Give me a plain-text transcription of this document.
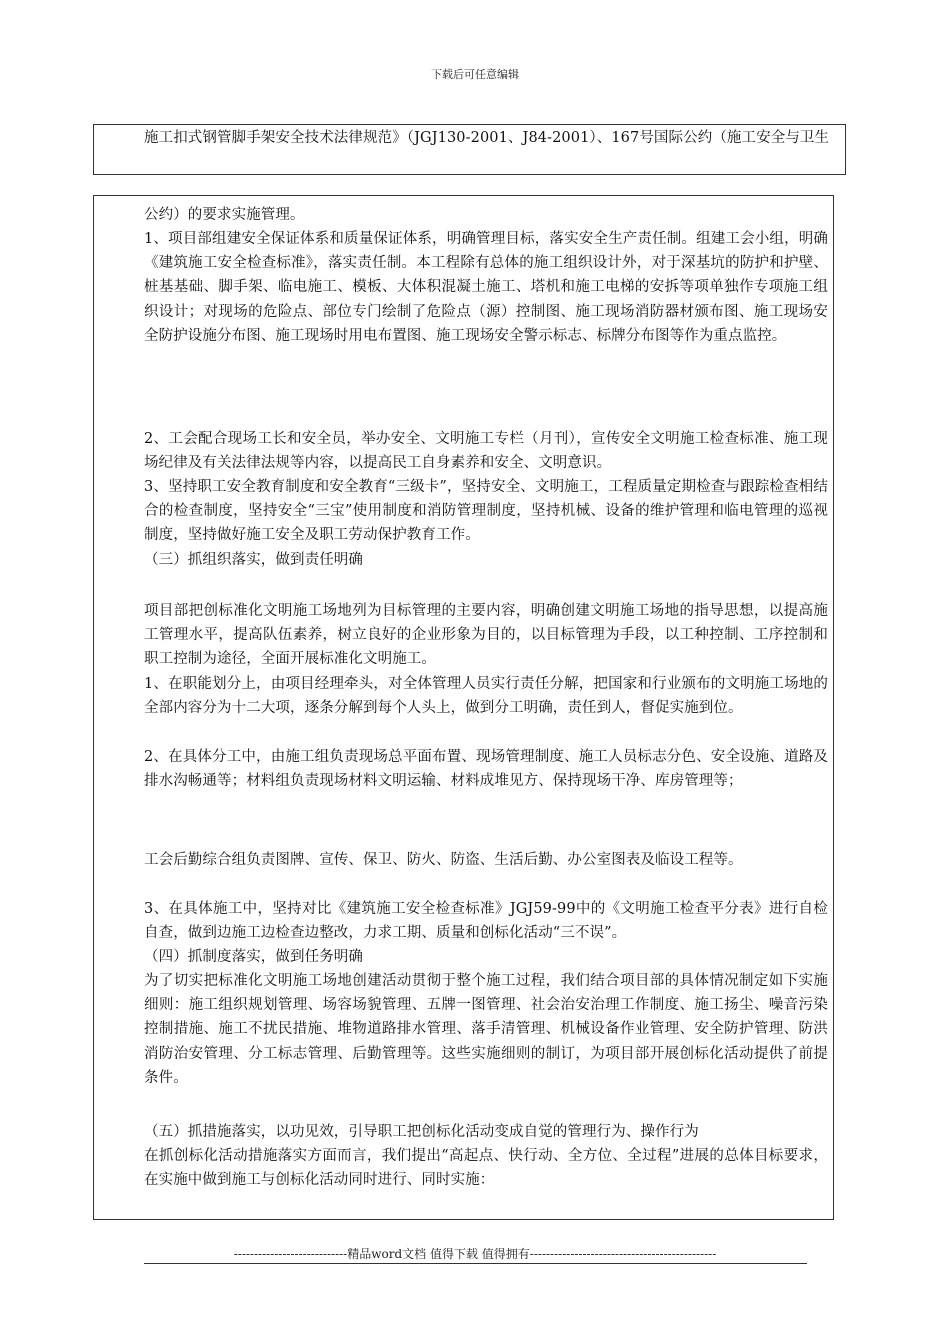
下载后可任意编辑
施工扣式钢管脚手架安全技术法律规范》（JGJ130-2001、J84-2001）、167号国际公约（施工安全与卫生
公约）的要求实施管理。
1、项目部组建安全保证体系和质量保证体系，明确管理目标，落实安全生产责任制。组建工会小组，明确《建筑施工安全检查标准》，落实责任制。本工程除有总体的施工组织设计外，对于深基坑的防护和护壁、桩基基础、脚手架、临电施工、模板、大体积混凝土施工、塔机和施工电梯的安拆等项单独作专项施工组织设计；对现场的危险点、部位专门绘制了危险点（源）控制图、施工现场消防器材颁布图、施工现场安全防护设施分布图、施工现场时用电布置图、施工现场安全警示标志、标牌分布图等作为重点监控。
2、工会配合现场工长和安全员，举办安全、文明施工专栏（月刊），宣传安全文明施工检查标准、施工现场纪律及有关法律法规等内容，以提高民工自身素养和安全、文明意识。
3、坚持职工安全教育制度和安全教育“三级卡”，坚持安全、文明施工，工程质量定期检查与跟踪检查相结合的检查制度，坚持安全“三宝”使用制度和消防管理制度，坚持机械、设备的维护管理和临电管理的巡视制度，坚持做好施工安全及职工劳动保护教育工作。
（三）抓组织落实，做到责任明确
项目部把创标准化文明施工场地列为目标管理的主要内容，明确创建文明施工场地的指导思想，以提高施工管理水平，提高队伍素养，树立良好的企业形象为目的，以目标管理为手段，以工种控制、工序控制和职工控制为途径，全面开展标准化文明施工。
1、在职能划分上，由项目经理牵头，对全体管理人员实行责任分解，把国家和行业颁布的文明施工场地的全部内容分为十二大项，逐条分解到每个人头上，做到分工明确，责任到人，督促实施到位。
2、在具体分工中，由施工组负责现场总平面布置、现场管理制度、施工人员标志分色、安全设施、道路及排水沟畅通等；材料组负责现场材料文明运输、材料成堆见方、保持现场干净、库房管理等；
工会后勤综合组负责图牌、宣传、保卫、防火、防盗、生活后勤、办公室图表及临设工程等。
3、在具体施工中，坚持对比《建筑施工安全检查标准》JGJ59-99中的《文明施工检查平分表》进行自检自查，做到边施工边检查边整改，力求工期、质量和创标化活动“三不误”。
（四）抓制度落实，做到任务明确
为了切实把标准化文明施工场地创建活动贯彻于整个施工过程，我们结合项目部的具体情况制定如下实施细则：施工组织规划管理、场容场貌管理、五牌一图管理、社会治安治理工作制度、施工扬尘、噪音污染控制措施、施工不扰民措施、堆物道路排水管理、落手清管理、机械设备作业管理、安全防护管理、防洪消防治安管理、分工标志管理、后勤管理等。这些实施细则的制订，为项目部开展创标化活动提供了前提条件。
（五）抓措施落实，以功见效，引导职工把创标化活动变成自觉的管理行为、操作行为
在抓创标化活动措施落实方面而言，我们提出“高起点、快行动、全方位、全过程”进展的总体目标要求，在实施中做到施工与创标化活动同时进行、同时实施：
----------------------------精品word文档 值得下载 值得拥有----------------------------------------------
